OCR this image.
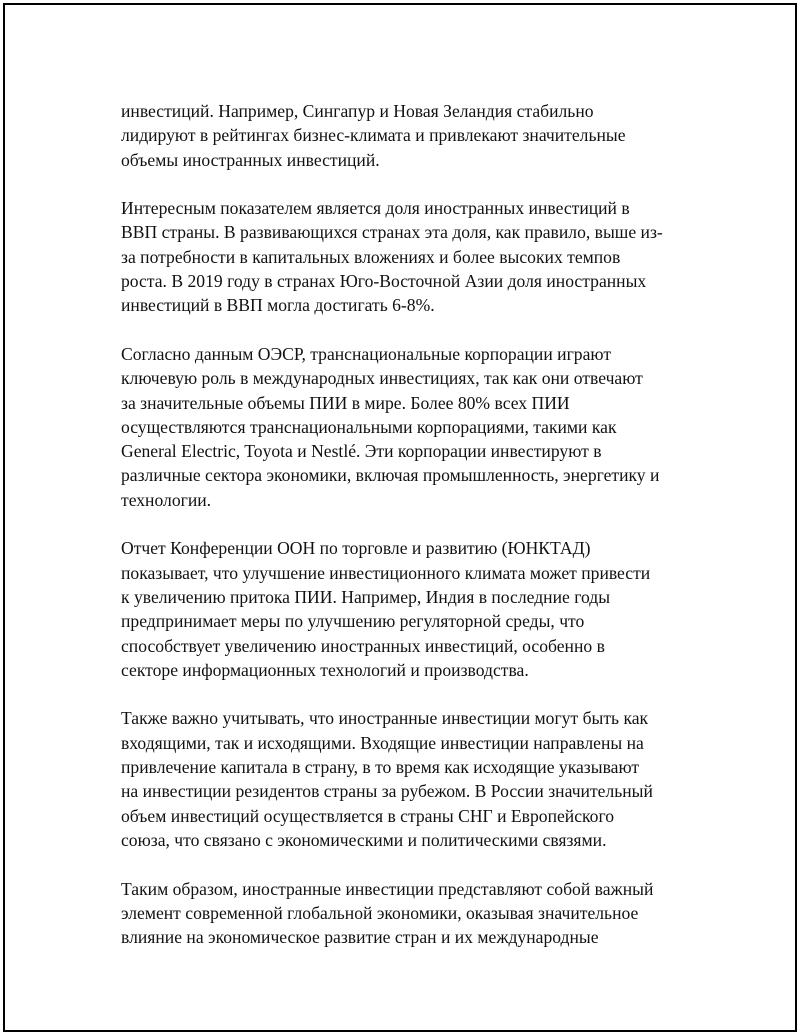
инвестиций. Например, Сингапур и Новая Зеландия стабильно
лидируют в рейтингах бизнес-климата и привлекают значительные
объемы иностранных инвестиций.

Интересным показателем является доля иностранных инвестиций в
ВВП страны. В развивающихся странах эта доля, как правило, выше из-
за потребности в капитальных вложениях и более высоких темпов
роста. В 2019 году в странах Юго-Восточной Азии доля иностранных
инвестиций в ВВП могла достигать 6-8%.

Согласно данным ОЭСР, транснациональные корпорации играют
ключевую роль в международных инвестициях, так как они отвечают
за значительные объемы ПИИ в мире. Более 80% всех ПИИ
осуществляются транснациональными корпорациями, такими как
General Electric, Toyota и Nestlé. Эти корпорации инвестируют в
различные сектора экономики, включая промышленность, энергетику и
технологии.

Отчет Конференции ООН по торговле и развитию (ЮНКТАД)
показывает, что улучшение инвестиционного климата может привести
к увеличению притока ПИИ. Например, Индия в последние годы
предпринимает меры по улучшению регуляторной среды, что
способствует увеличению иностранных инвестиций, особенно в
секторе информационных технологий и производства.

Также важно учитывать, что иностранные инвестиции могут быть как
входящими, так и исходящими. Входящие инвестиции направлены на
привлечение капитала в страну, в то время как исходящие указывают
на инвестиции резидентов страны за рубежом. В России значительный
объем инвестиций осуществляется в страны СНГ и Европейского
союза, что связано с экономическими и политическими связями.

Таким образом, иностранные инвестиции представляют собой важный
элемент современной глобальной экономики, оказывая значительное
влияние на экономическое развитие стран и их международные
